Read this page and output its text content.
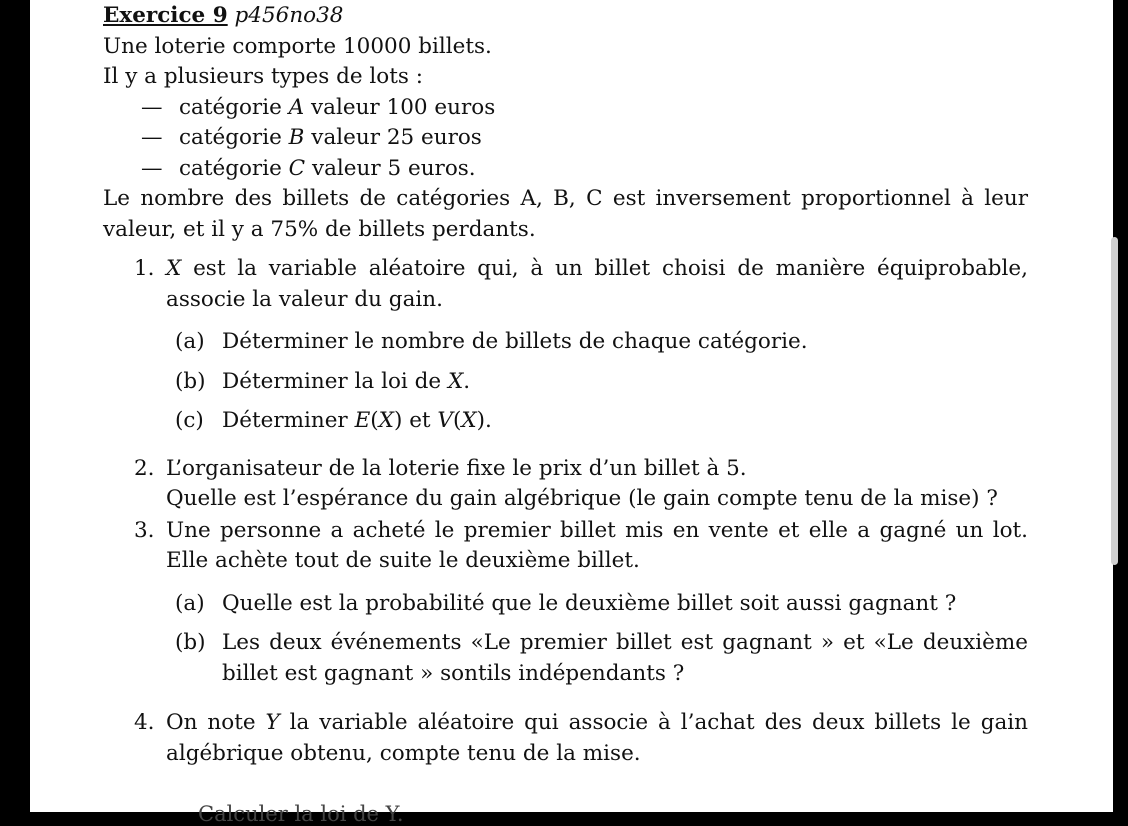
Exercice 9 p456no38
Une loterie comporte 10000 billets.
Il y a plusieurs types de lots :
— catégorie A valeur 100 euros
— catégorie B valeur 25 euros
— catégorie C valeur 5 euros.
Le nombre des billets de catégories A, B, C est inversement proportionnel à leur valeur, et il y a 75% de billets perdants.
1. X est la variable aléatoire qui, à un billet choisi de manière équiprobable, associe la valeur du gain.
(a) Déterminer le nombre de billets de chaque catégorie.
(b) Déterminer la loi de X.
(c) Déterminer E(X) et V(X).
2. L’organisateur de la loterie fixe le prix d’un billet à 5.
Quelle est l’espérance du gain algébrique (le gain compte tenu de la mise) ?
3. Une personne a acheté le premier billet mis en vente et elle a gagné un lot. Elle achète tout de suite le deuxième billet.
(a) Quelle est la probabilité que le deuxième billet soit aussi gagnant ?
(b) Les deux événements «Le premier billet est gagnant » et «Le deuxième billet est gagnant » sontils indépendants ?
4. On note Y la variable aléatoire qui associe à l’achat des deux billets le gain algébrique obtenu, compte tenu de la mise.
Calculer la loi de Y.
